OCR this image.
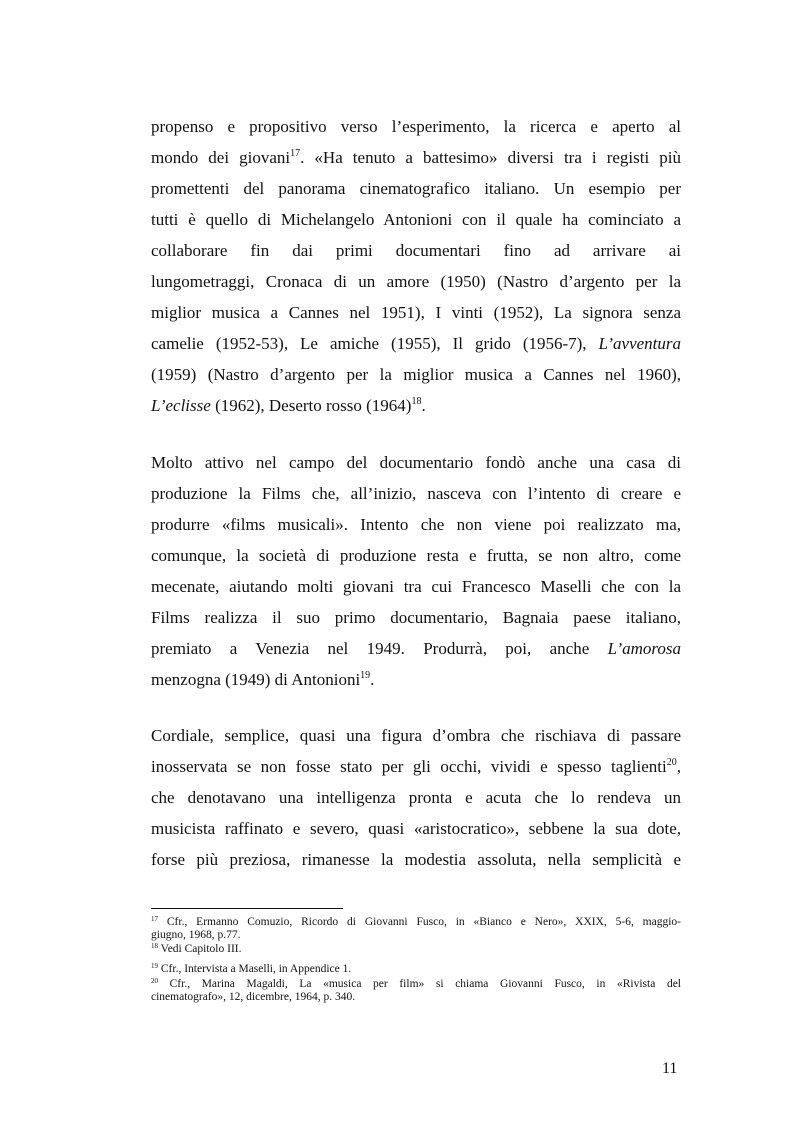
propenso e propositivo verso l’esperimento, la ricerca e aperto al
mondo dei giovani$^{17}$. «Ha tenuto a battesimo» diversi tra i registi più
promettenti del panorama cinematografico italiano. Un esempio per
tutti è quello di Michelangelo Antonioni con il quale ha cominciato a
collaborare fin dai primi documentari fino ad arrivare ai
lungometraggi, Cronaca di un amore (1950) (Nastro d’argento per la
miglior musica a Cannes nel 1951), I vinti (1952), La signora senza
camelie (1952-53), Le amiche (1955), Il grido (1956-7), L’avventura
(1959) (Nastro d’argento per la miglior musica a Cannes nel 1960),
L’eclisse (1962), Deserto rosso $(1964)^{18}$.
Molto attivo nel campo del documentario fondò anche una casa di
produzione la Films che, all’inizio, nasceva con l’intento di creare e
produrre «films musicali». Intento che non viene poi realizzato ma,
comunque, la società di produzione resta e frutta, se non altro, come
mecenate, aiutando molti giovani tra cui Francesco Maselli che con la
Films realizza il suo primo documentario, Bagnaia paese italiano,
premiato a Venezia nel 1949. Produrrà, poi, anche L’amorosa
menzogna (1949) di Antonioni$^{19}$.
Cordiale, semplice, quasi una figura d’ombra che rischiava di passare
inosservata se non fosse stato per gli occhi, vividi e spesso taglienti$^{20}$,
che denotavano una intelligenza pronta e acuta che lo rendeva un
musicista raffinato e severo, quasi «aristocratico», sebbene la sua dote,
forse più preziosa, rimanesse la modestia assoluta, nella semplicità e
$^{17}$ Cfr., Ermanno Comuzio, Ricordo di Giovanni Fusco, in «Bianco e Nero», XXIX, 5-6, maggio-
giugno, 1968, p.77.
$^{18}$ Vedi Capitolo III.
$^{19}$ Cfr., Intervista a Maselli, in Appendice 1.
$^{20}$ Cfr., Marina Magaldi, La «musica per film» si chiama Giovanni Fusco, in «Rivista del
cinematografo», 12, dicembre, 1964, p. 340.
11
